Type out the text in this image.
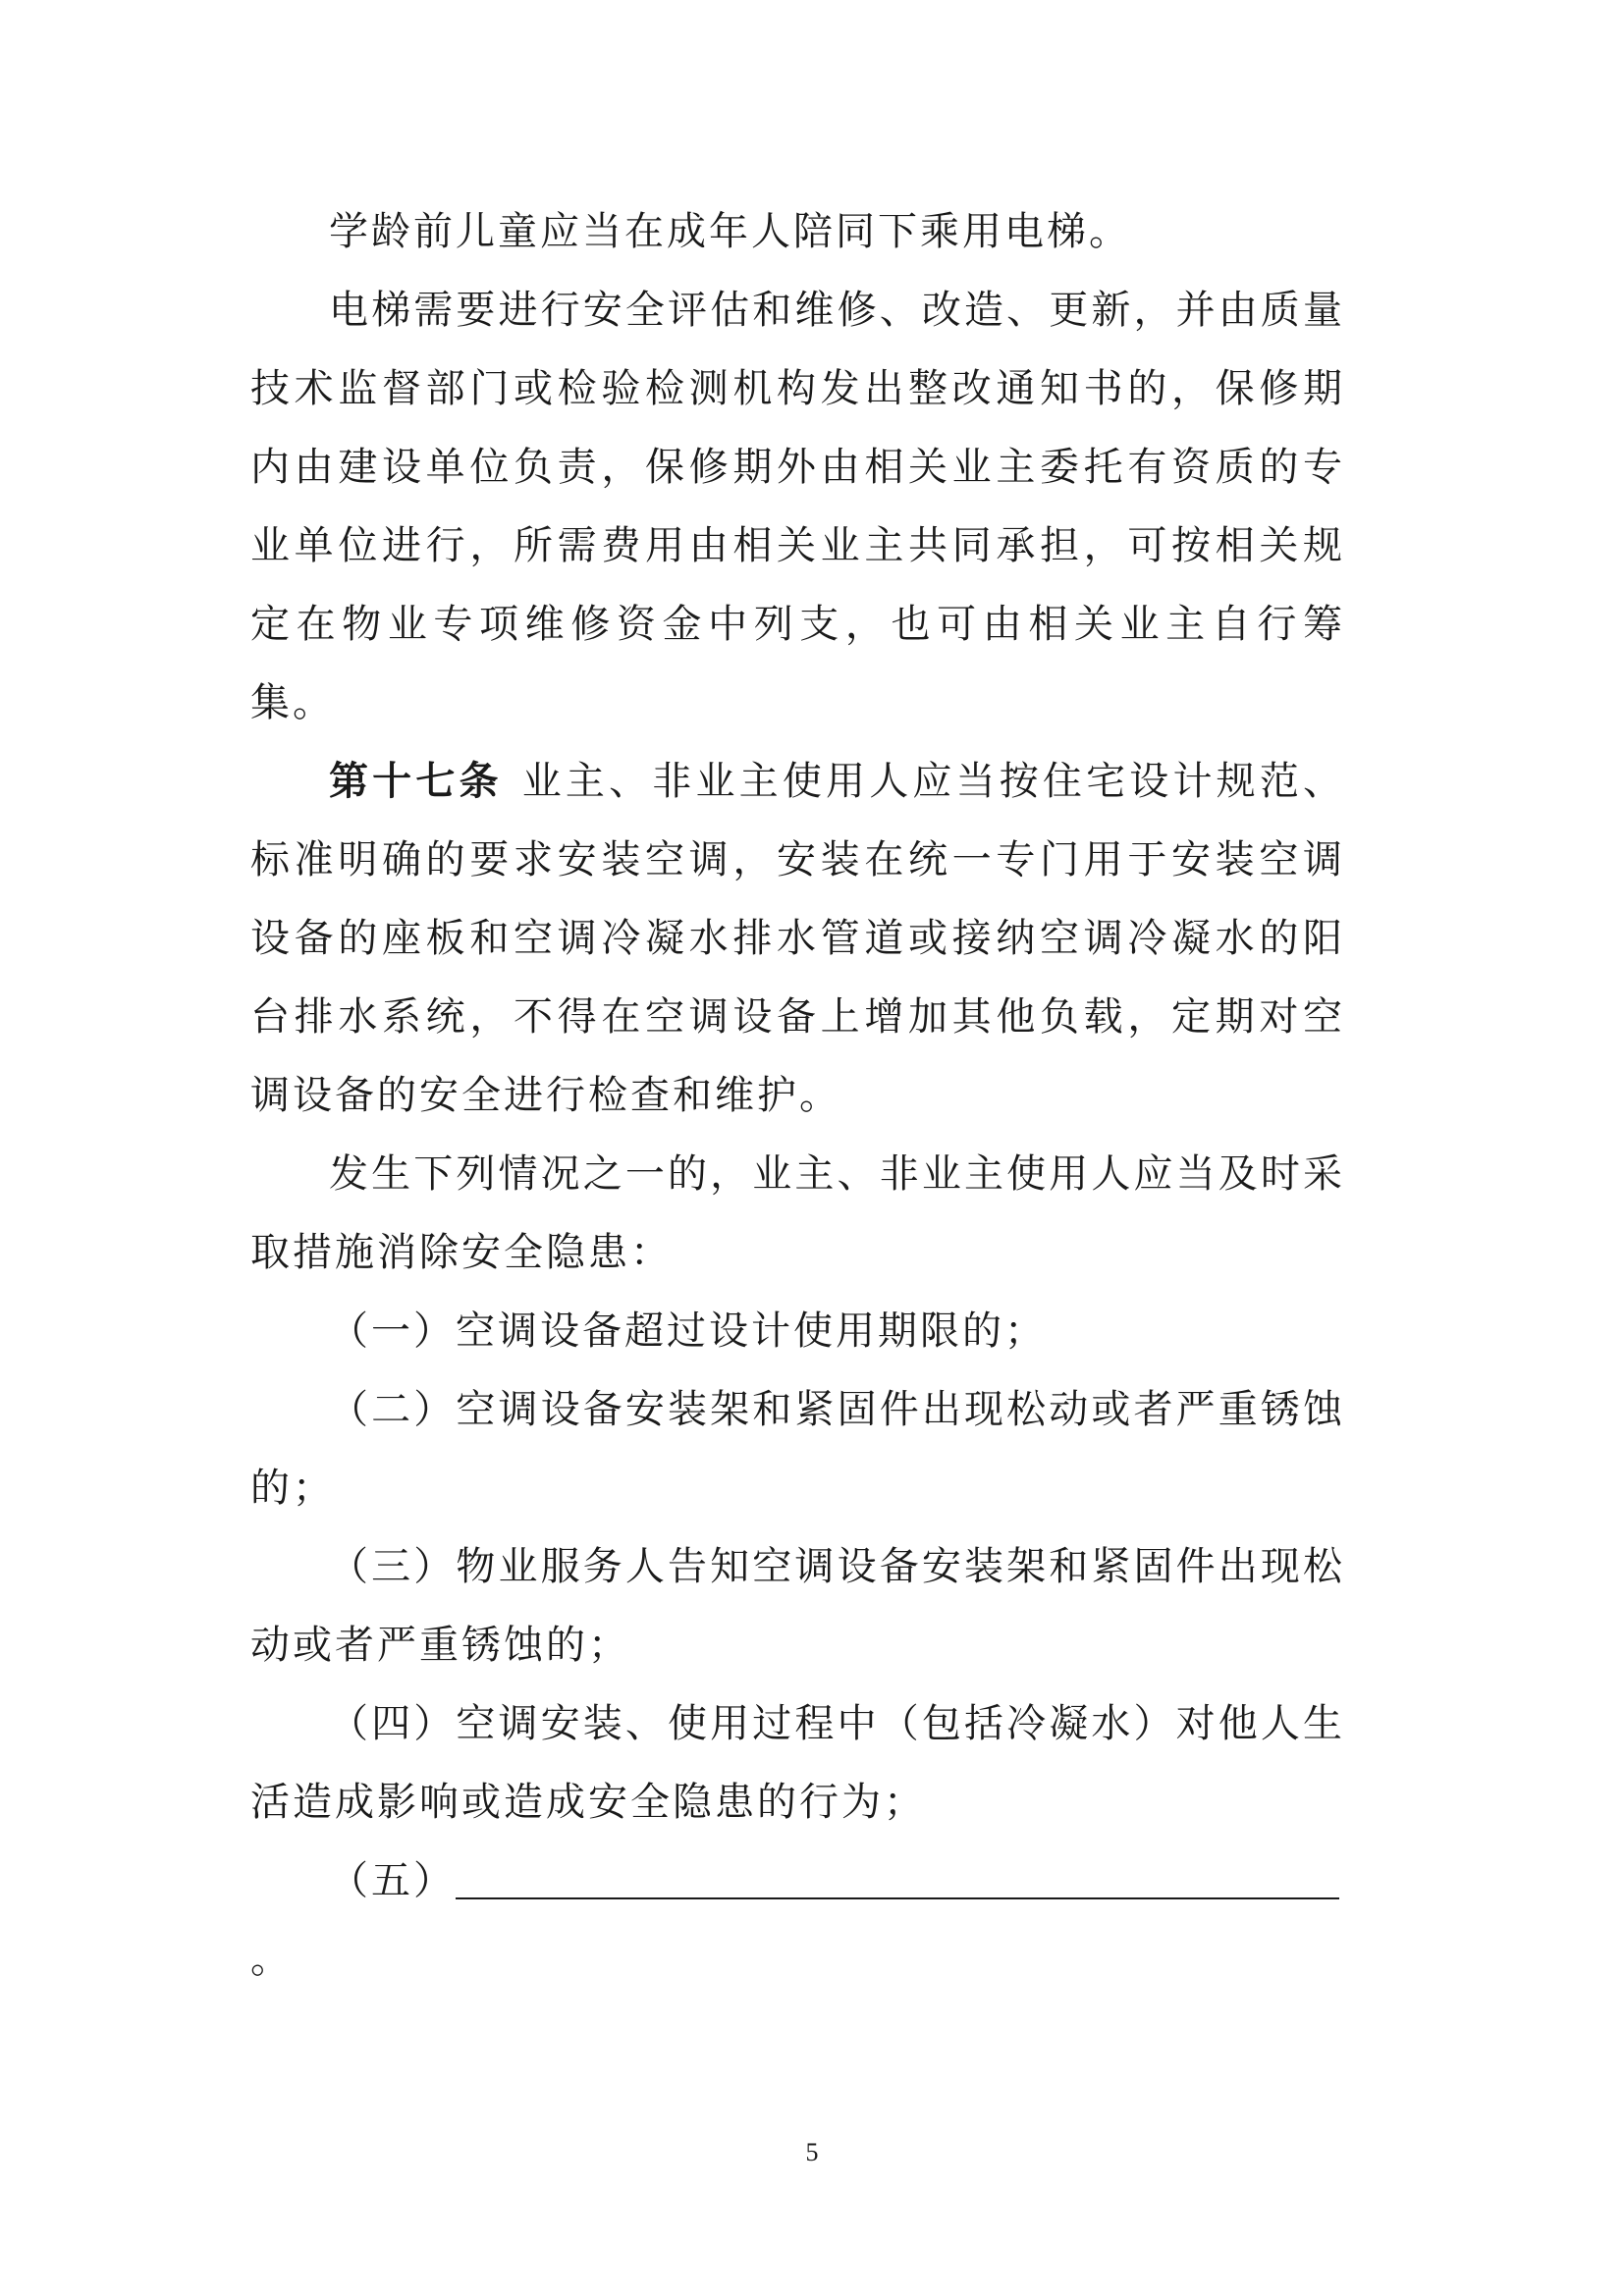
学龄前儿童应当在成年人陪同下乘用电梯。

电梯需要进行安全评估和维修、改造、更新，并由质量技术监督部门或检验检测机构发出整改通知书的，保修期内由建设单位负责，保修期外由相关业主委托有资质的专业单位进行，所需费用由相关业主共同承担，可按相关规定在物业专项维修资金中列支，也可由相关业主自行筹集。

第十七条 业主、非业主使用人应当按住宅设计规范、标准明确的要求安装空调，安装在统一专门用于安装空调设备的座板和空调冷凝水排水管道或接纳空调冷凝水的阳台排水系统，不得在空调设备上增加其他负载，定期对空调设备的安全进行检查和维护。

发生下列情况之一的，业主、非业主使用人应当及时采取措施消除安全隐患：

（一）空调设备超过设计使用期限的；

（二）空调设备安装架和紧固件出现松动或者严重锈蚀的；

（三）物业服务人告知空调设备安装架和紧固件出现松动或者严重锈蚀的；

（四）空调安装、使用过程中（包括冷凝水）对他人生活造成影响或造成安全隐患的行为；

（五）

。

5
